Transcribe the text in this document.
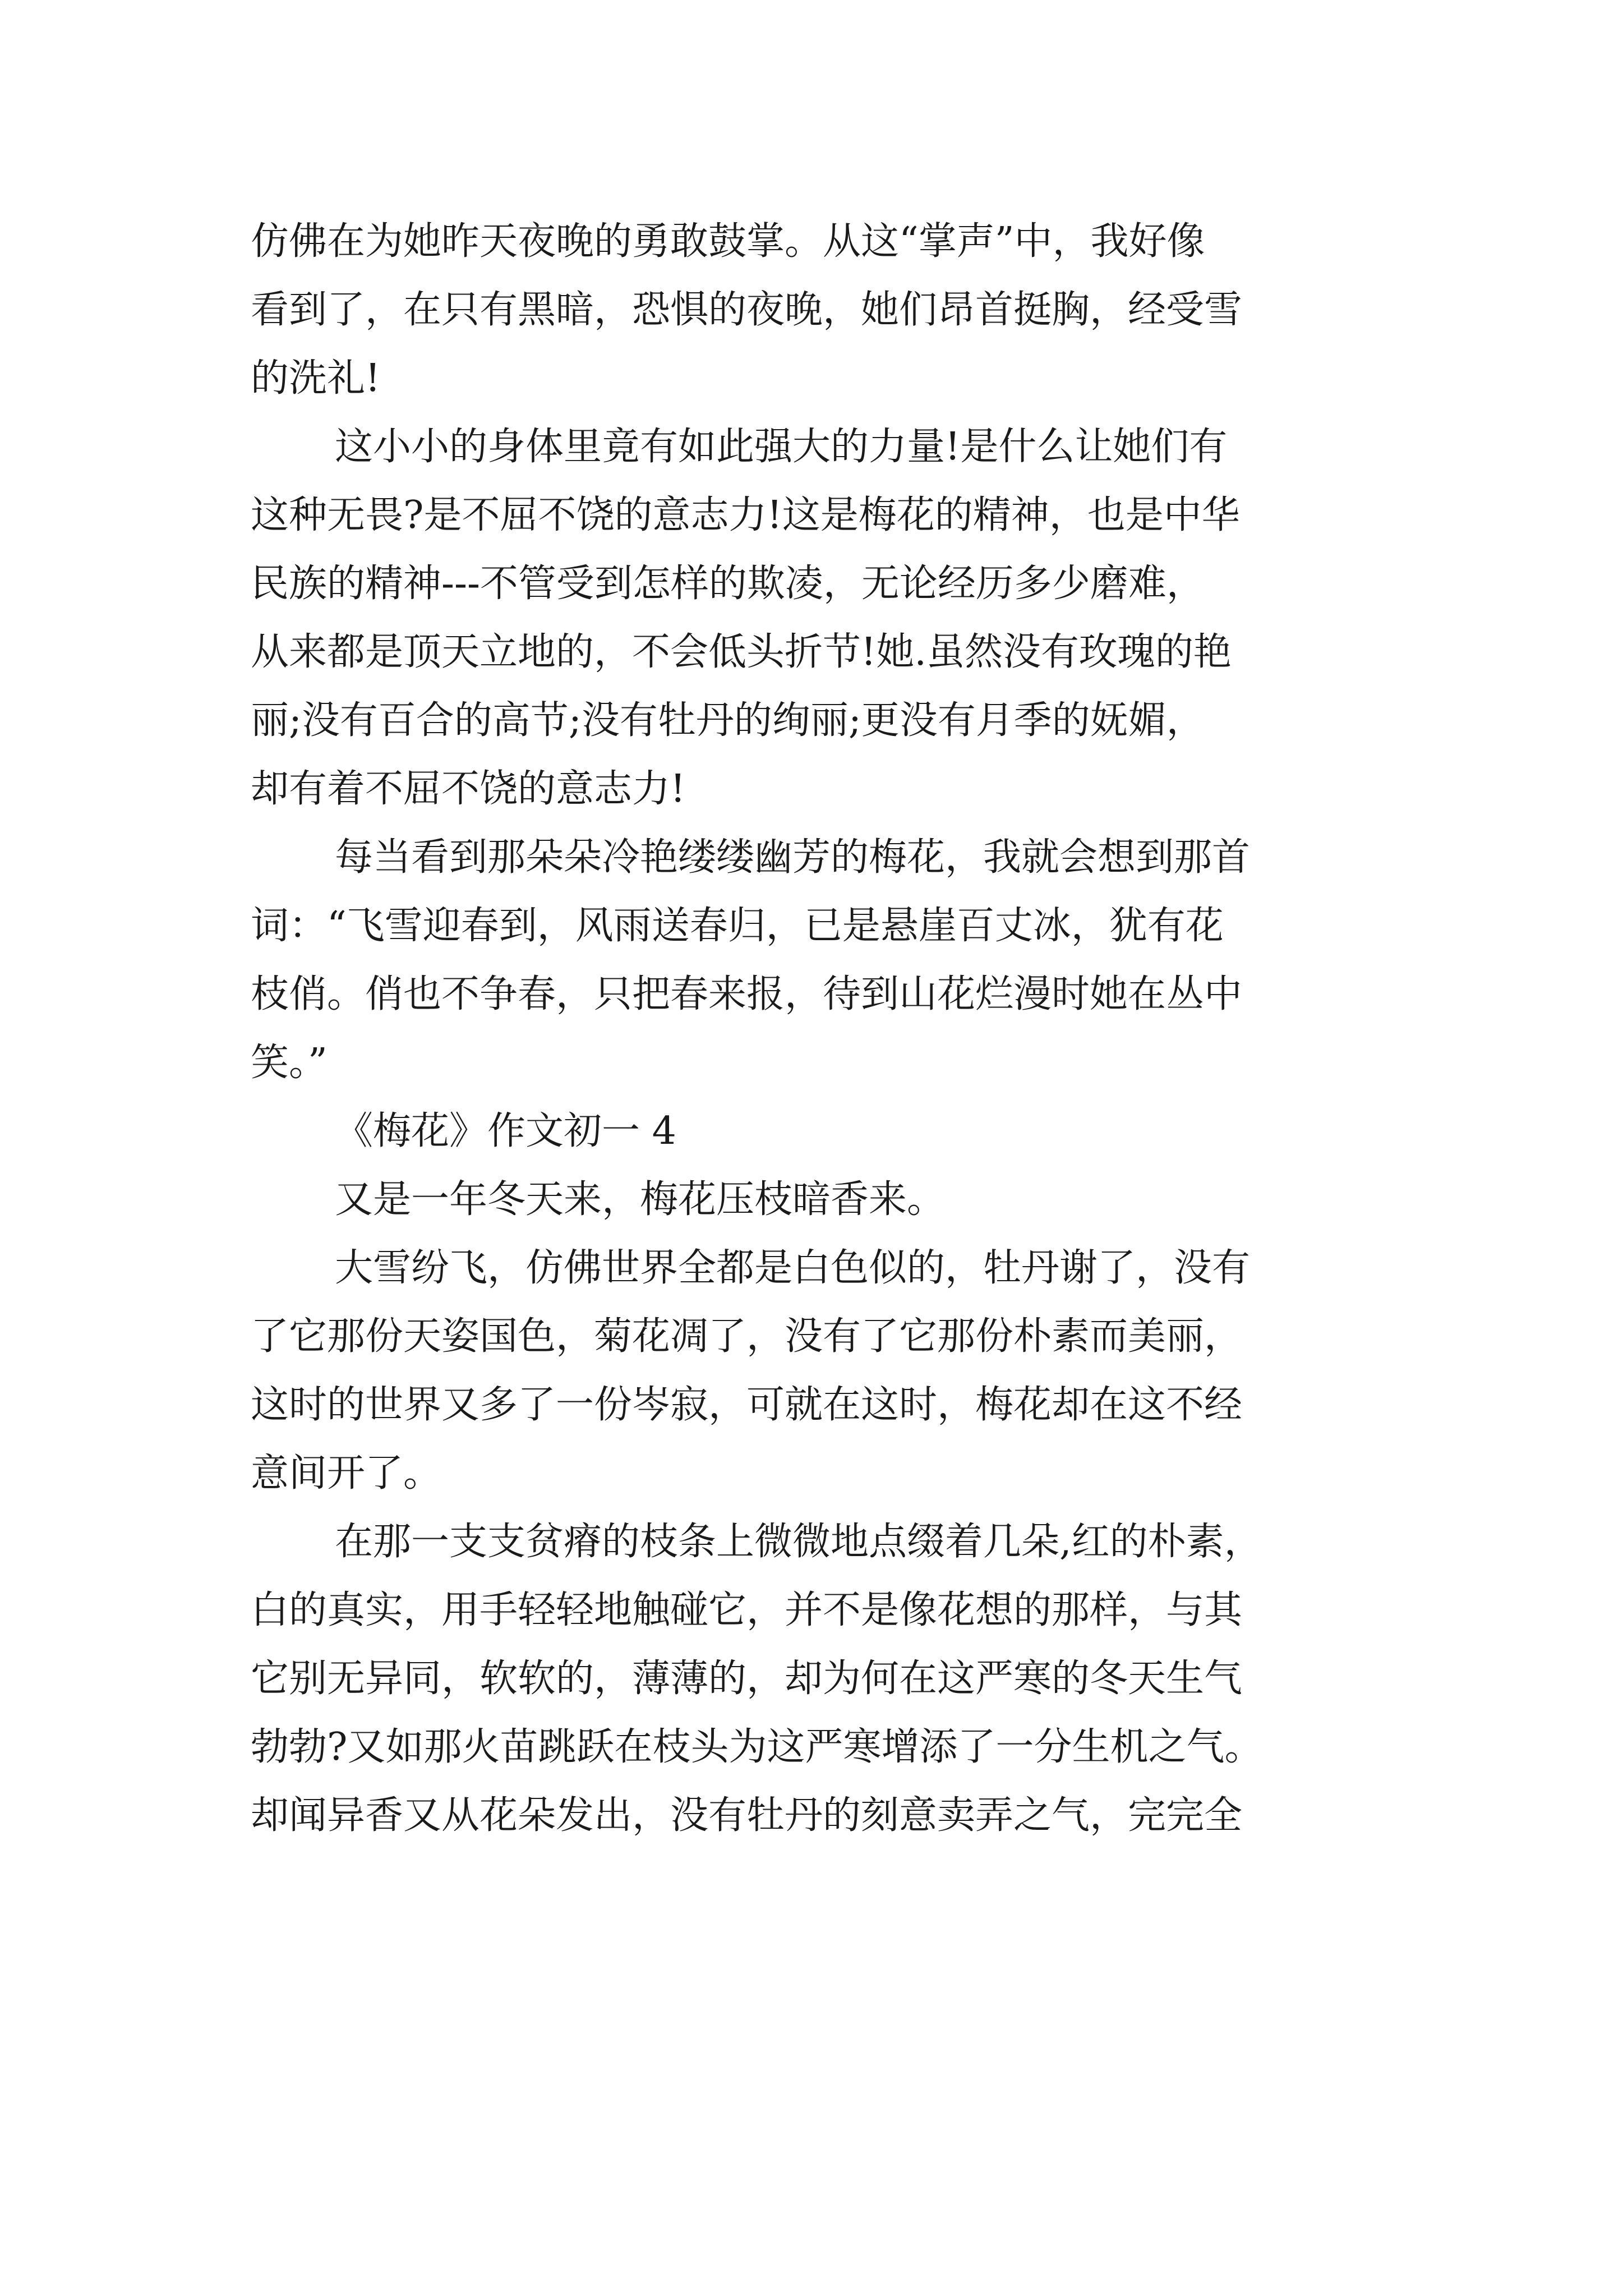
仿佛在为她昨天夜晚的勇敢鼓掌。从这“掌声”中，我好像
看到了，在只有黑暗，恐惧的夜晚，她们昂首挺胸，经受雪
的洗礼!
这小小的身体里竟有如此强大的力量!是什么让她们有
这种无畏?是不屈不饶的意志力!这是梅花的精神，也是中华
民族的精神---不管受到怎样的欺凌，无论经历多少磨难，
从来都是顶天立地的，不会低头折节!她.虽然没有玫瑰的艳
丽;没有百合的高节;没有牡丹的绚丽;更没有月季的妩媚，
却有着不屈不饶的意志力!
每当看到那朵朵冷艳缕缕幽芳的梅花，我就会想到那首
词：“飞雪迎春到，风雨送春归，已是悬崖百丈冰，犹有花
枝俏。俏也不争春，只把春来报，待到山花烂漫时她在丛中
笑。”
《梅花》作文初一 4
又是一年冬天来，梅花压枝暗香来。
大雪纷飞，仿佛世界全都是白色似的，牡丹谢了，没有
了它那份天姿国色，菊花凋了，没有了它那份朴素而美丽，
这时的世界又多了一份岑寂，可就在这时，梅花却在这不经
意间开了。
在那一支支贫瘠的枝条上微微地点缀着几朵,红的朴素，
白的真实，用手轻轻地触碰它，并不是像花想的那样，与其
它别无异同，软软的，薄薄的，却为何在这严寒的冬天生气
勃勃?又如那火苗跳跃在枝头为这严寒增添了一分生机之气。
却闻异香又从花朵发出，没有牡丹的刻意卖弄之气，完完全
